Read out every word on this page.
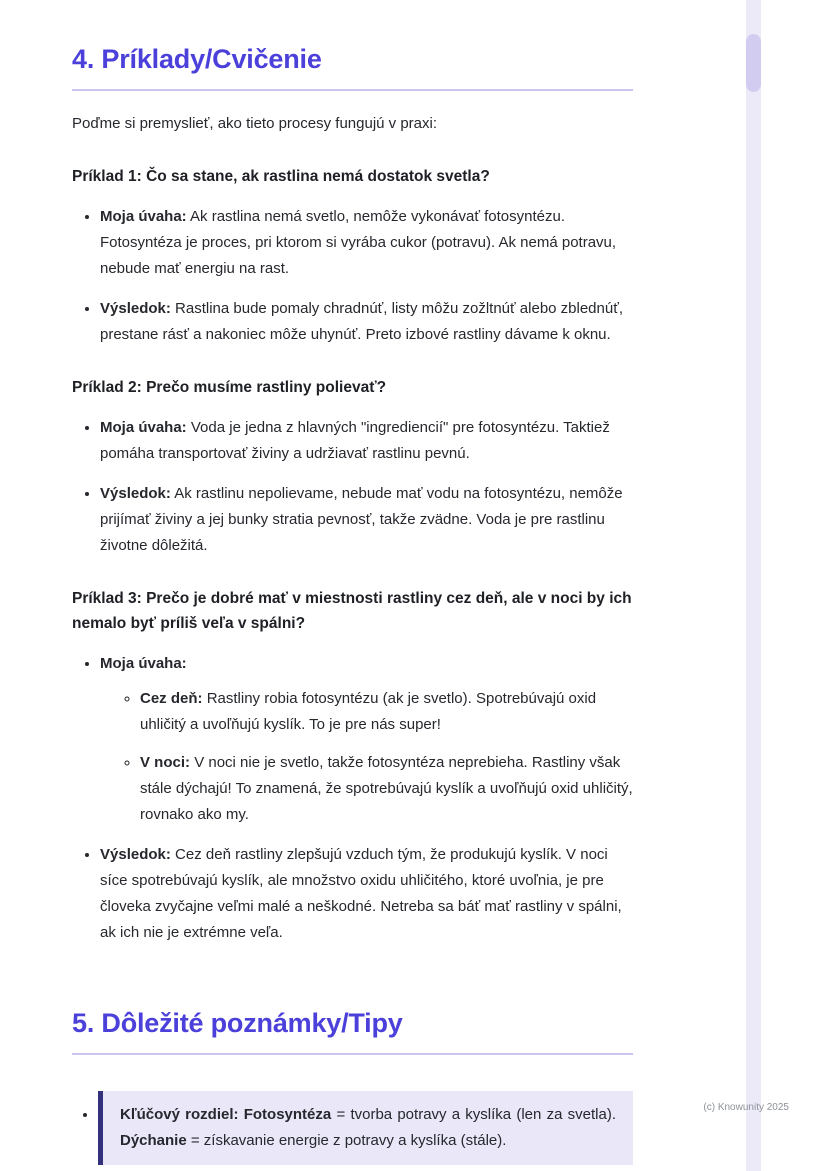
4. Príklady/Cvičenie

Poďme si premyslieť, ako tieto procesy fungujú v praxi:

Príklad 1: Čo sa stane, ak rastlina nemá dostatok svetla?
• Moja úvaha: Ak rastlina nemá svetlo, nemôže vykonávať fotosyntézu. Fotosyntéza je proces, pri ktorom si vyrába cukor (potravu). Ak nemá potravu, nebude mať energiu na rast.
• Výsledok: Rastlina bude pomaly chradnúť, listy môžu zožltnúť alebo zblednúť, prestane rásť a nakoniec môže uhynúť. Preto izbové rastliny dávame k oknu.
Príklad 2: Prečo musíme rastliny polievať?
• Moja úvaha: Voda je jedna z hlavných "ingrediencií" pre fotosyntézu. Taktiež pomáha transportovať živiny a udržiavať rastlinu pevnú.
• Výsledok: Ak rastlinu nepolievame, nebude mať vodu na fotosyntézu, nemôže prijímať živiny a jej bunky stratia pevnosť, takže zvädne. Voda je pre rastlinu životne dôležitá.
Príklad 3: Prečo je dobré mať v miestnosti rastliny cez deň, ale v noci by ich nemalo byť príliš veľa v spálni?
• Moja úvaha:
◦ Cez deň: Rastliny robia fotosyntézu (ak je svetlo). Spotrebúvajú oxid uhličitý a uvoľňujú kyslík. To je pre nás super!
◦ V noci: V noci nie je svetlo, takže fotosyntéza neprebieha. Rastliny však stále dýchajú! To znamená, že spotrebúvajú kyslík a uvoľňujú oxid uhličitý, rovnako ako my.
• Výsledok: Cez deň rastliny zlepšujú vzduch tým, že produkujú kyslík. V noci síce spotrebúvajú kyslík, ale množstvo oxidu uhličitého, ktoré uvoľnia, je pre človeka zvyčajne veľmi malé a neškodné. Netreba sa báť mať rastliny v spálni, ak ich nie je extrémne veľa.
5. Dôležité poznámky/Tipy
• Kľúčový rozdiel: Fotosyntéza = tvorba potravy a kyslíka (len za svetla). Dýchanie = získavanie energie z potravy a kyslíka (stále).
(c) Knowunity 2025
